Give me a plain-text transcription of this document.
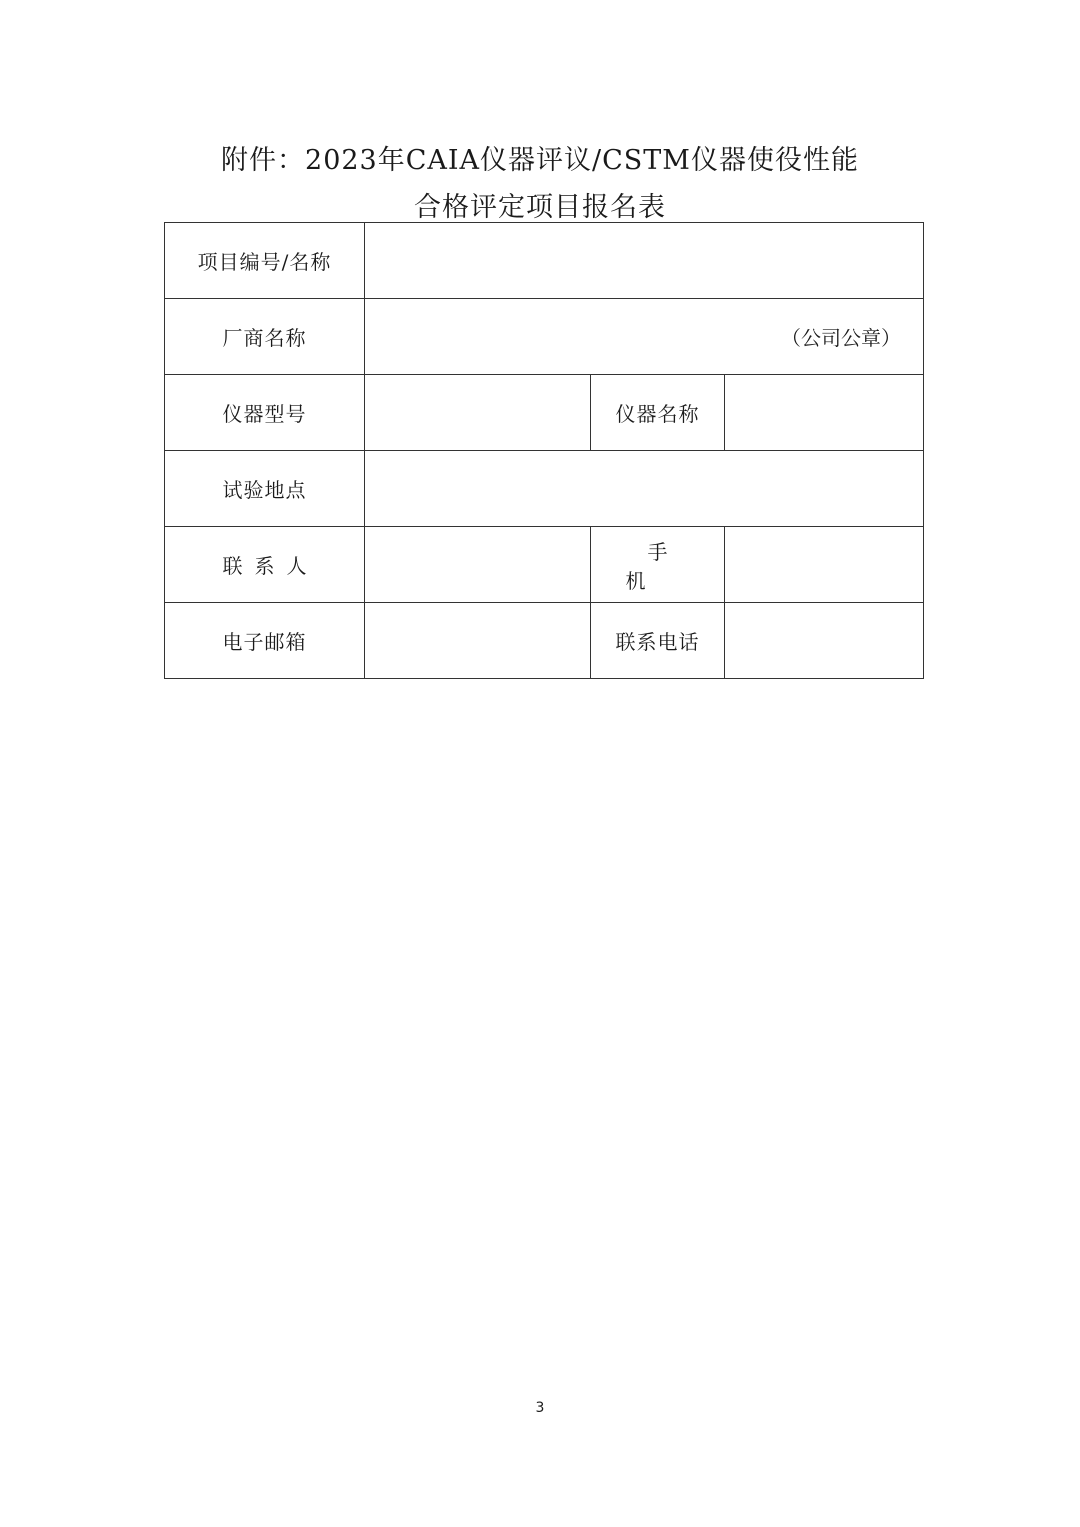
附件：2023年CAIA仪器评议/CSTM仪器使役性能
合格评定项目报名表
项目编号/名称			
厂商名称	（公司公章）		
仪器型号		仪器名称	
试验地点			
联系人		手机	
电子邮箱		联系电话	
3
